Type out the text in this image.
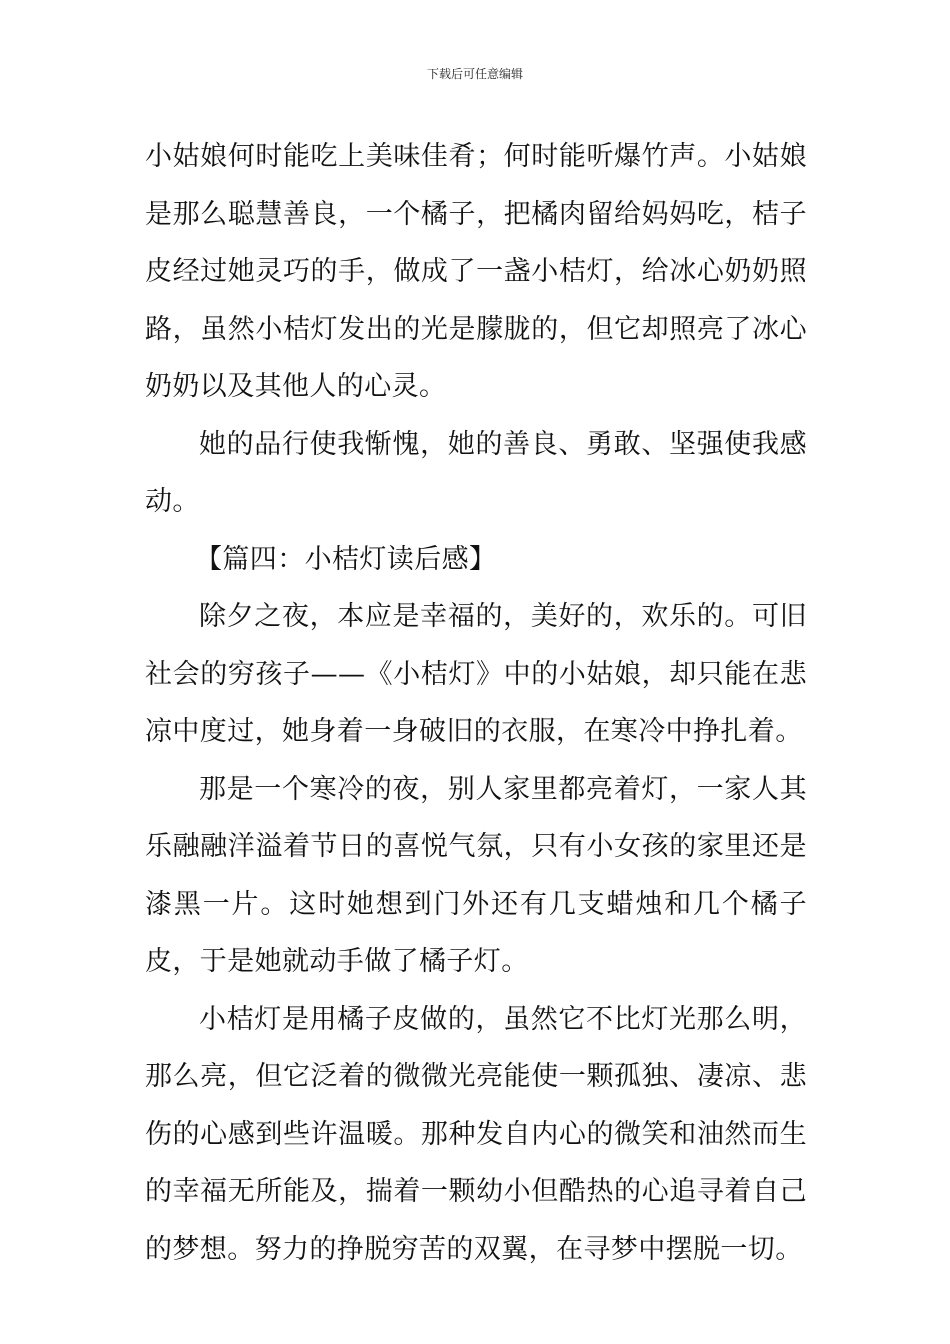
下载后可任意编辑

小姑娘何时能吃上美味佳肴；何时能听爆竹声。小姑娘是那么聪慧善良，一个橘子，把橘肉留给妈妈吃，桔子皮经过她灵巧的手，做成了一盏小桔灯，给冰心奶奶照路，虽然小桔灯发出的光是朦胧的，但它却照亮了冰心奶奶以及其他人的心灵。

她的品行使我惭愧，她的善良、勇敢、坚强使我感动。

【篇四：小桔灯读后感】

除夕之夜，本应是幸福的，美好的，欢乐的。可旧社会的穷孩子——《小桔灯》中的小姑娘，却只能在悲凉中度过，她身着一身破旧的衣服，在寒冷中挣扎着。

那是一个寒冷的夜，别人家里都亮着灯，一家人其乐融融洋溢着节日的喜悦气氛，只有小女孩的家里还是漆黑一片。这时她想到门外还有几支蜡烛和几个橘子皮，于是她就动手做了橘子灯。

小桔灯是用橘子皮做的，虽然它不比灯光那么明，那么亮，但它泛着的微微光亮能使一颗孤独、凄凉、悲伤的心感到些许温暖。那种发自内心的微笑和油然而生的幸福无所能及，揣着一颗幼小但酷热的心追寻着自己的梦想。努力的挣脱穷苦的双翼，在寻梦中摆脱一切。
